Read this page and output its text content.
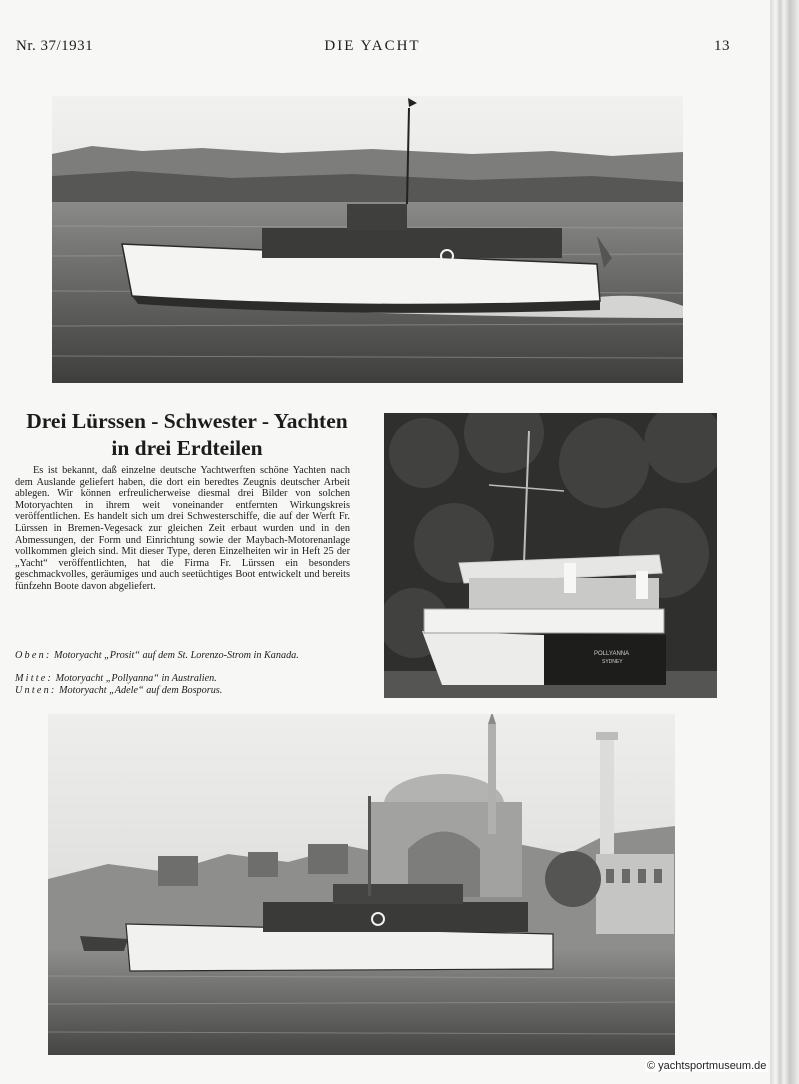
Nr. 37/1931	DIE YACHT	13
Drei Lürssen - Schwester - Yachten
in drei Erdteilen

Es ist bekannt, daß einzelne deutsche Yachtwerften schöne Yachten nach dem Auslande geliefert haben, die dort ein beredtes Zeugnis deutscher Arbeit ablegen. Wir können erfreulicherweise diesmal drei Bilder von solchen Motoryachten in ihrem weit voneinander entfernten Wirkungskreis veröffentlichen. Es handelt sich um drei Schwesterschiffe, die auf der Werft Fr. Lürssen in Bremen-Vegesack zur gleichen Zeit erbaut wurden und in den Abmessungen, der Form und Einrichtung sowie der Maybach-Motorenanlage vollkommen gleich sind. Mit dieser Type, deren Einzelheiten wir in Heft 25 der „Yacht“ veröffentlichten, hat die Firma Fr. Lürssen ein besonders geschmackvolles, geräumiges und auch seetüchtiges Boot entwickelt und bereits fünfzehn Boote davon abgeliefert.

Oben: Motoryacht „Prosit“ auf dem St. Lorenzo-Strom in Kanada.

Mitte: Motoryacht „Pollyanna“ in Australien.

Unten: Motoryacht „Adele“ auf dem Bosporus.

POLLYANNA
SYDNEY
© yachtsportmuseum.de
